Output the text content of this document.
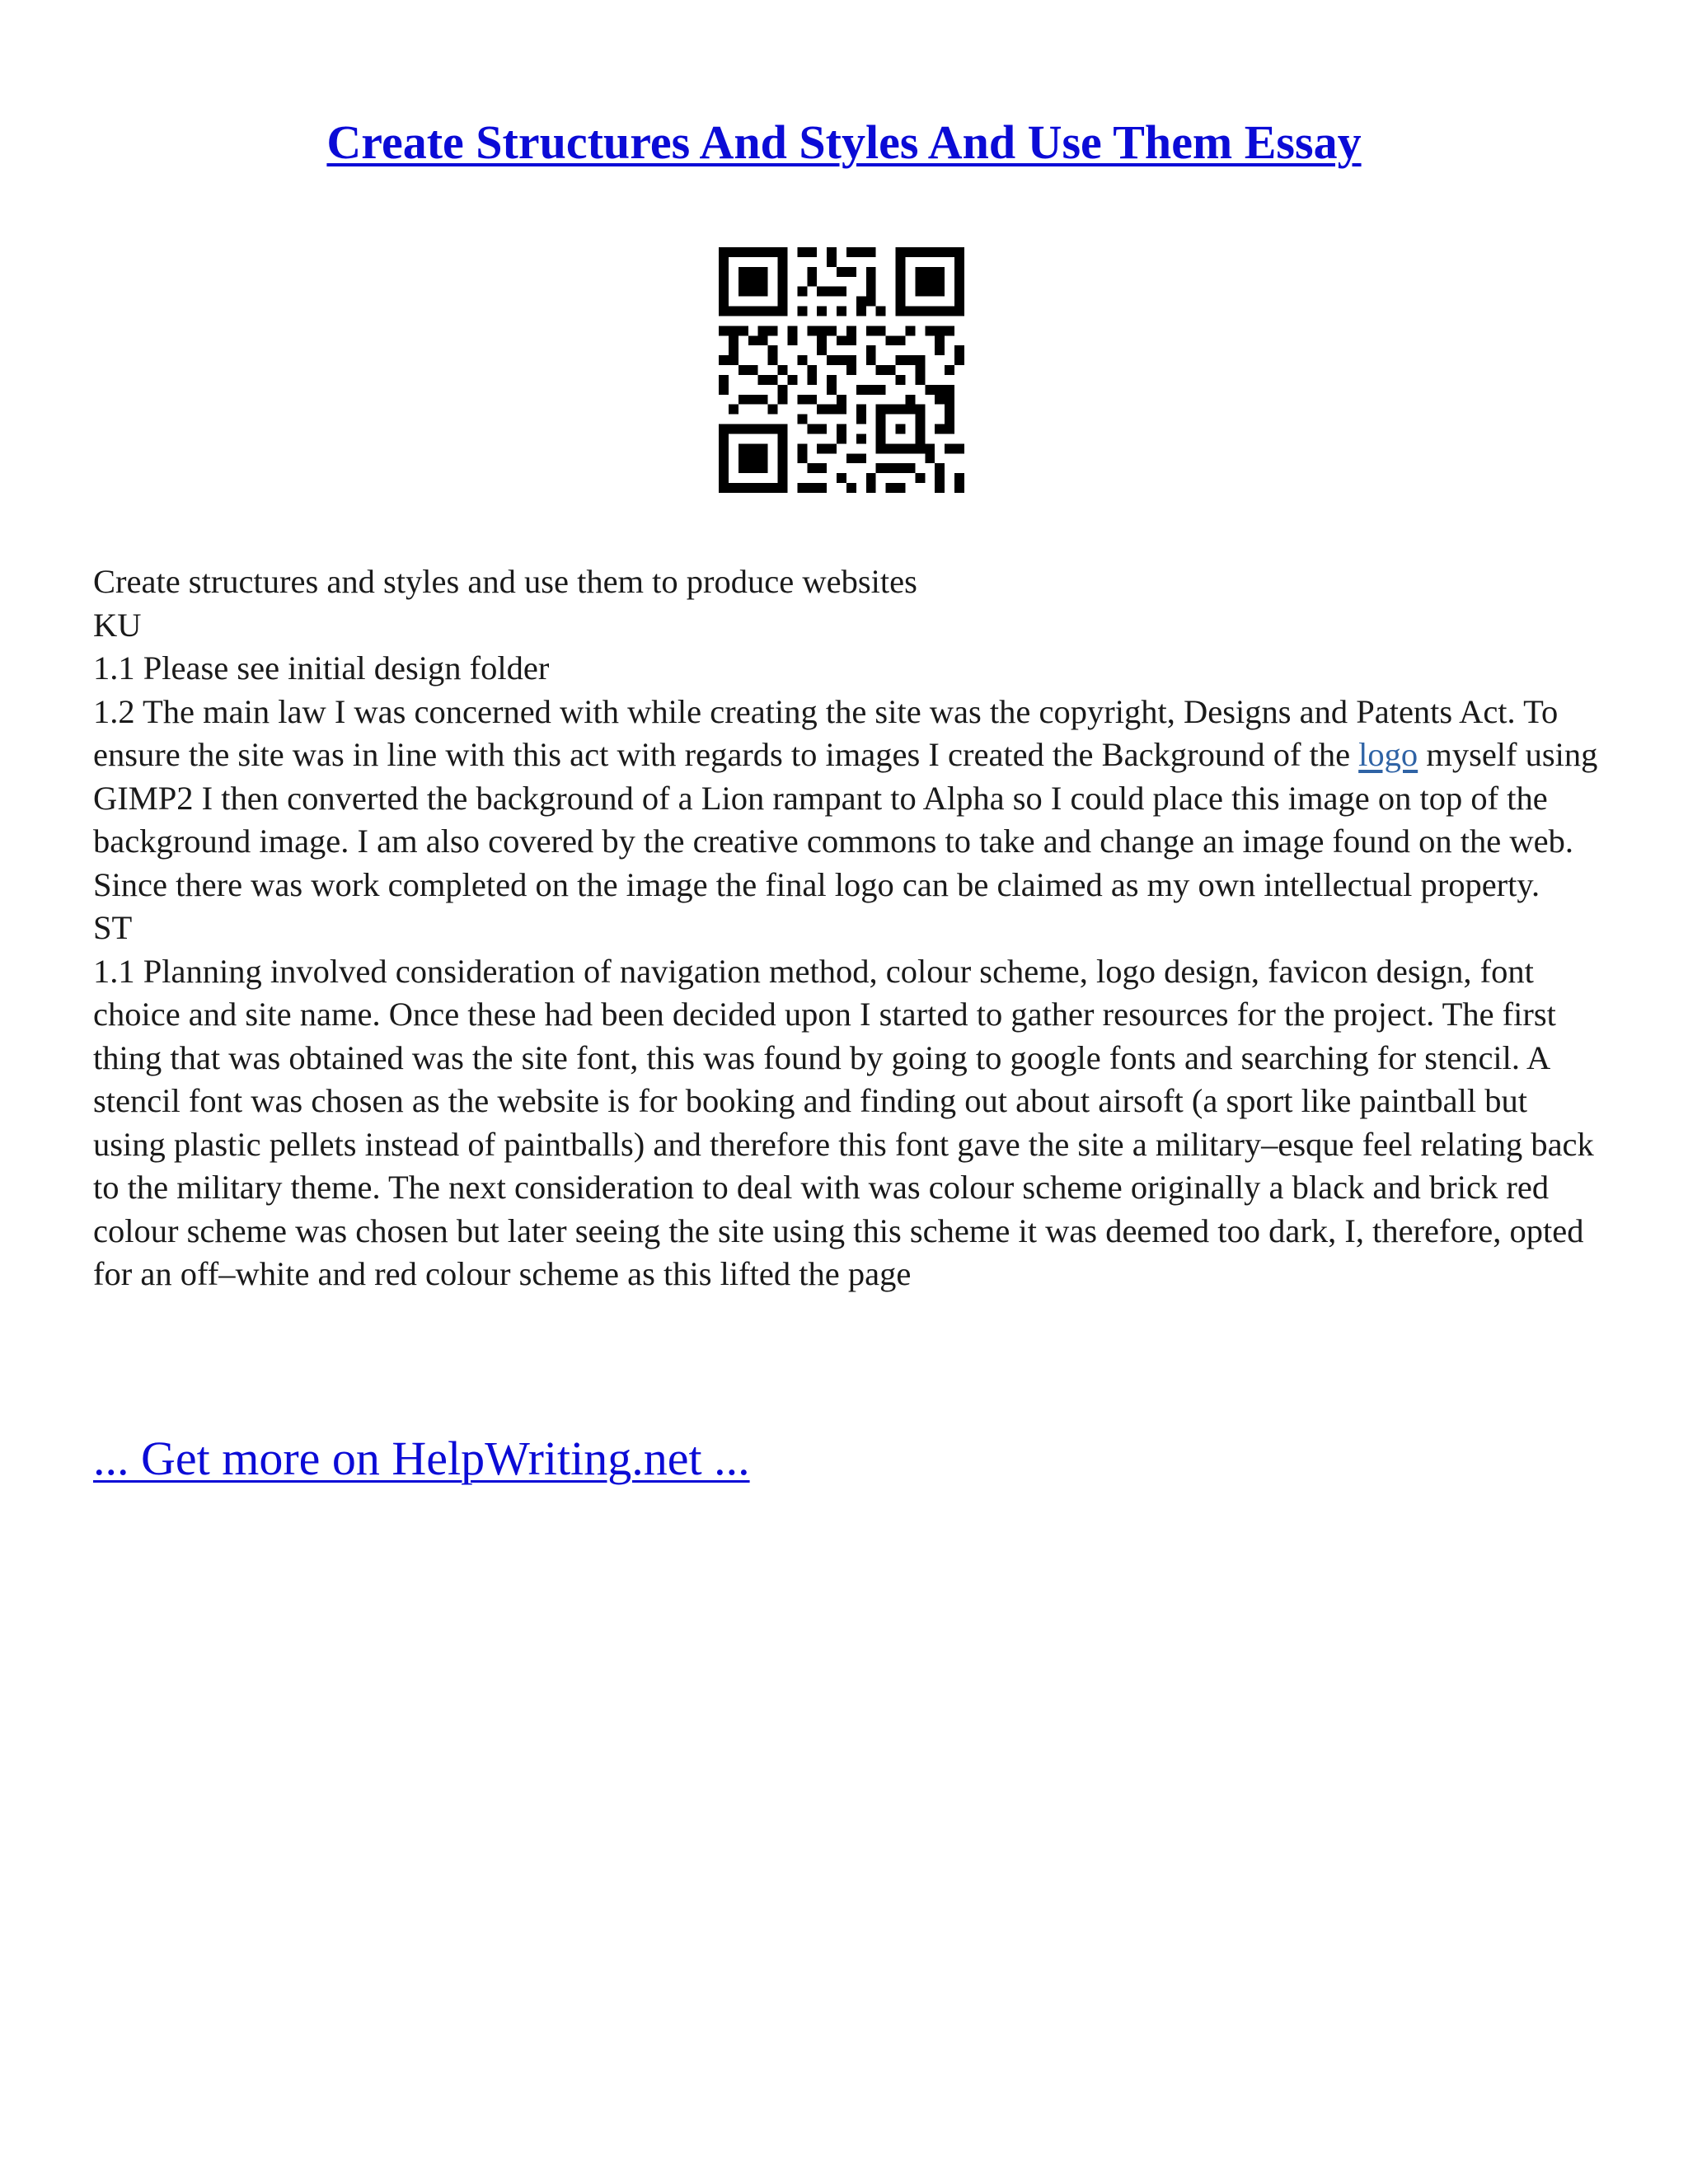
Create Structures And Styles And Use Them Essay

Create structures and styles and use them to produce websites

KU

1.1 Please see initial design folder

1.2 The main law I was concerned with while creating the site was the copyright, Designs and Patents Act. To ensure the site was in line with this act with regards to images I created the Background of the logo myself using GIMP2 I then converted the background of a Lion rampant to Alpha so I could place this image on top of the background image. I am also covered by the creative commons to take and change an image found on the web. Since there was work completed on the image the final logo can be claimed as my own intellectual property.

ST

1.1 Planning involved consideration of navigation method, colour scheme, logo design, favicon design, font choice and site name. Once these had been decided upon I started to gather resources for the project. The first thing that was obtained was the site font, this was found by going to google fonts and searching for stencil. A stencil font was chosen as the website is for booking and finding out about airsoft (a sport like paintball but using plastic pellets instead of paintballs) and therefore this font gave the site a military–esque feel relating back to the military theme. The next consideration to deal with was colour scheme originally a black and brick red colour scheme was chosen but later seeing the site using this scheme it was deemed too dark, I, therefore, opted for an off–white and red colour scheme as this lifted the page

... Get more on HelpWriting.net ...
